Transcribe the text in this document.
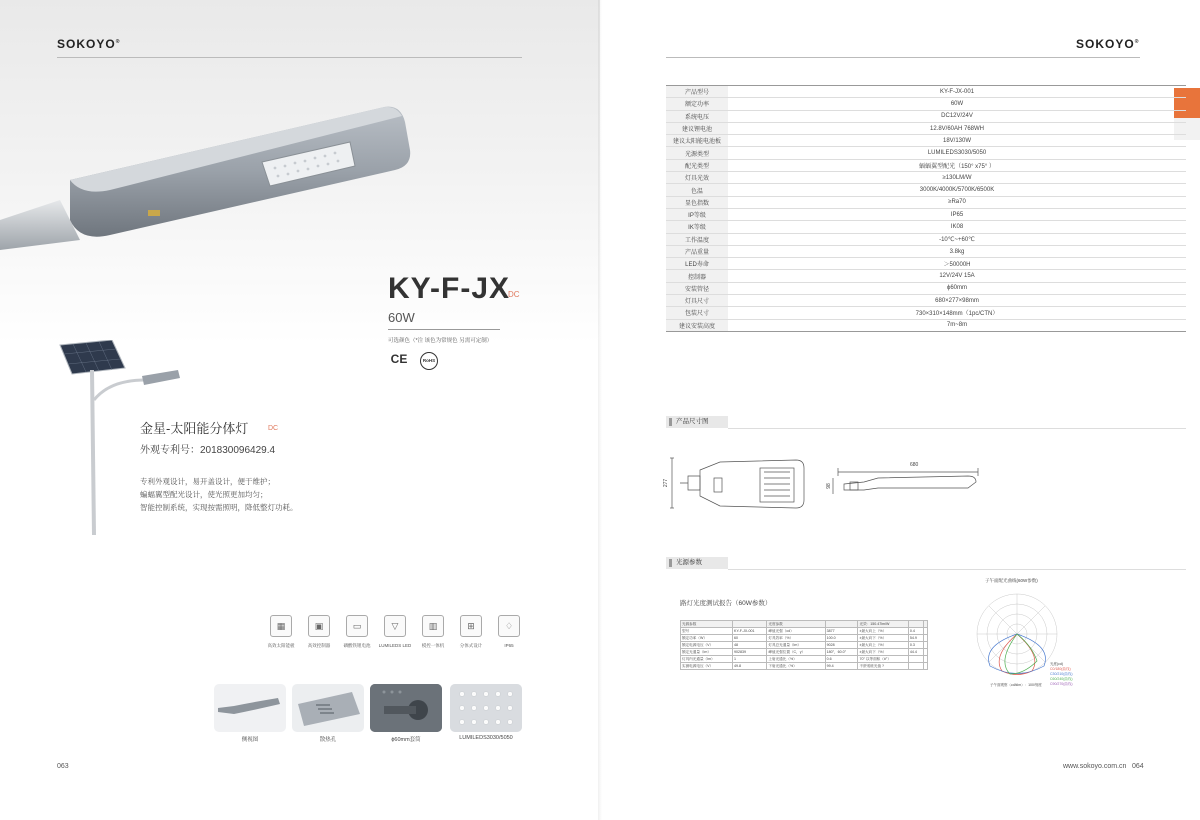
SOKOYO®
KY-F-JX
DC
60W
可选颜色（*注 该色为常规色 另需可定制）
CE	RoHS
金星-太阳能分体灯	DC
外观专利号：201830096429.4
专利外观设计，易开盖设计，便于维护；
蝙蝠翼型配光设计，使光照更加均匀；
智能控制系统，实现按需照明，降低整灯功耗。
▦
高效太阳能板
▣
高效控制器
▭
磷酸铁锂电池
▽
LUMILEDS LED
▥
模控一体机
⊞
分体式设计
♢
IP65
侧视图	散热孔	ϕ60mm套筒	LUMILEDS3030/5050
063
SOKOYO®
产品型号	KY-F-JX-001
额定功率	60W
系统电压	DC12V/24V
建议锂电池	12.8V/60AH 768WH
建议太阳能电池板	18V/130W
光源类型	LUMILEDS3030/5050
配光类型	蝠蝠翼型配光（150° x75° ）
灯具光效	≥130LM/W
色温	3000K/4000K/5700K/6500K
显色指数	≥Ra70
IP等级	IP65
IK等级	IK08
工作温度	-10℃~+60℃
产品重量	3.8kg
LED寿命	＞50000H
控制器	12V/24V 15A
安装管径	ϕ60mm
灯具尺寸	680×277×98mm
包装尺寸	730×310×148mm（1pc/CTN）
建议安装高度	7m~8m
产品尺寸图
680
277	98
光源参数
路灯光度测试报告（60W参数）
光源参数		光度参数		光效：150.47lm/W		
型号	KY-F-JX-001	峰值光强（cd）	3877	±最大向上（%）	0.4	
额定功率（W）	60	灯具效率（%）	100.0	±最大向下（%）	54.9	
额定电源电压（V）	48	灯具总光通量（lm）	9028	±最大向上（%）	0.3	
额定光通量（lm）	902839	峰值光强位置（C，γ）	180°，60.0°	±最大向下（%）	44.4	
灯具内光通量（lm）	1	上射光通比（%）	0.6	70° 以等面积（#°）		
实测电源电压（V）	49.8	下射光通比（%）	99.4	不舒适眩光值 ?		
子午面配光曲线(60W参数)
光度(cd)
C0/180(曲线)
C30/210(曲线)
C60/240(曲线)
C90/270(曲线)
子午面观察（cd/klm）：100/刻度
www.sokoyo.com.cn 064
